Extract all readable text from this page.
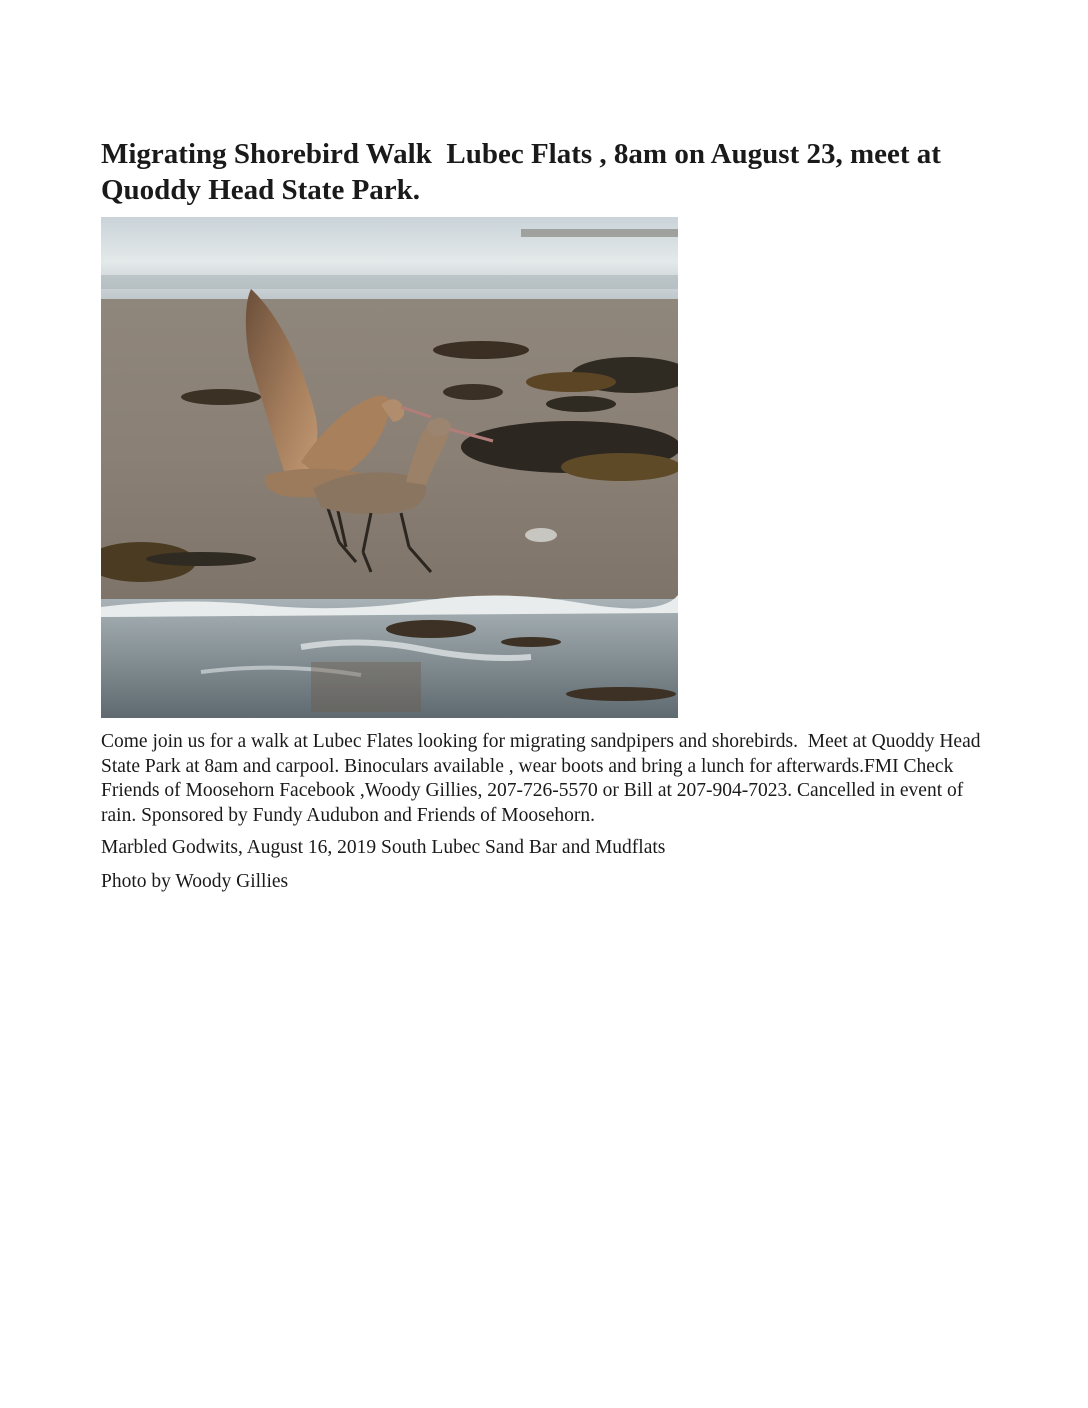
Migrating Shorebird Walk  Lubec Flats , 8am on August 23, meet at Quoddy Head State Park.

Come join us for a walk at Lubec Flates looking for migrating sandpipers and shorebirds.  Meet at Quoddy Head State Park at 8am and carpool. Binoculars available , wear boots and bring a lunch for afterwards.FMI Check Friends of Moosehorn Facebook ,Woody Gillies, 207-726-5570 or Bill at 207-904-7023. Cancelled in event of rain. Sponsored by Fundy Audubon and Friends of Moosehorn.

Marbled Godwits, August 16, 2019 South Lubec Sand Bar and Mudflats

Photo by Woody Gillies
